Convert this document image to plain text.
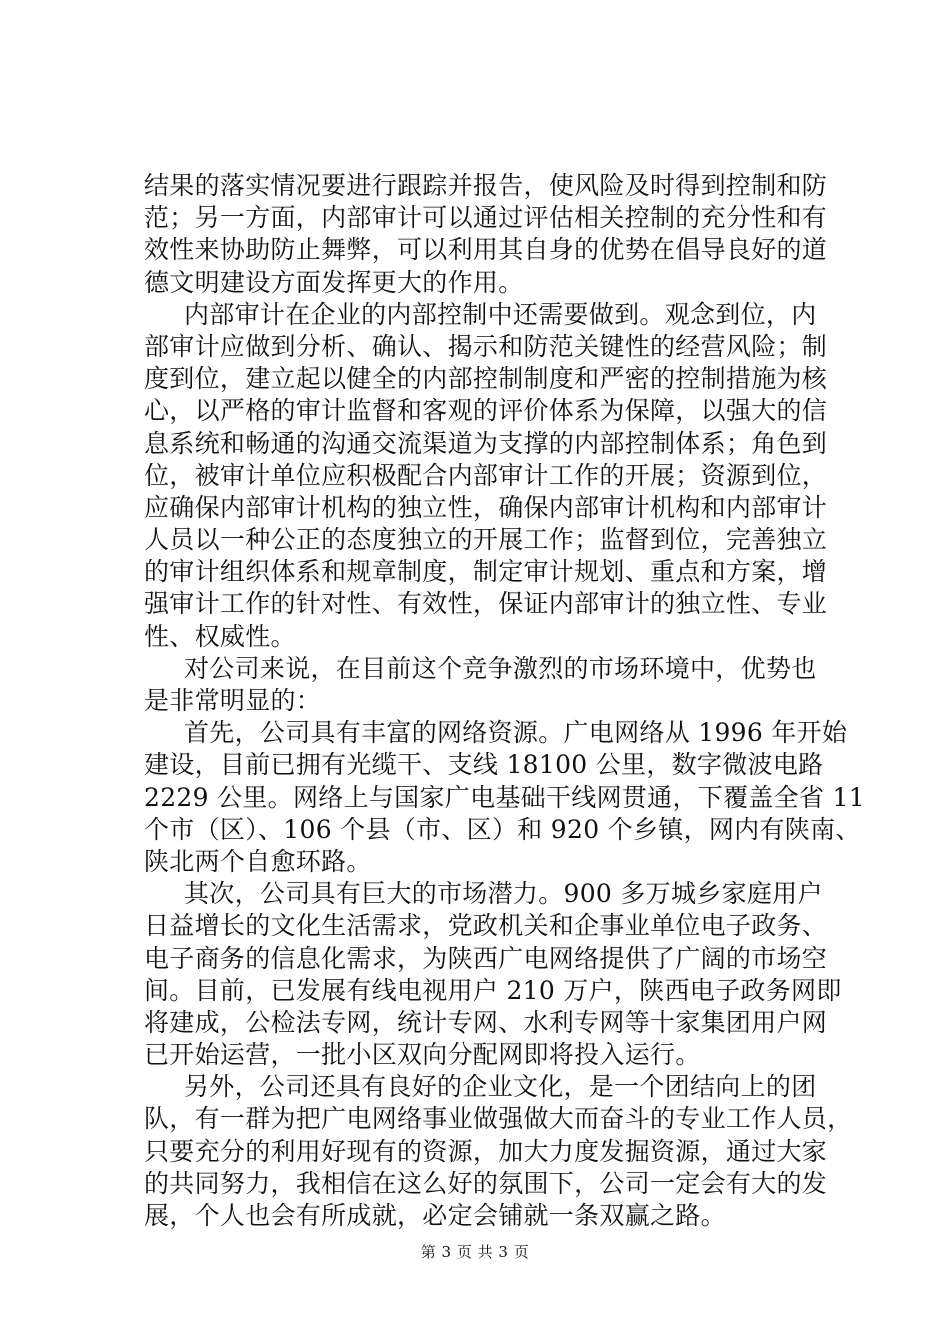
结果的落实情况要进行跟踪并报告，使风险及时得到控制和防
范；另一方面，内部审计可以通过评估相关控制的充分性和有
效性来协助防止舞弊，可以利用其自身的优势在倡导良好的道
德文明建设方面发挥更大的作用。
内部审计在企业的内部控制中还需要做到。观念到位，内
部审计应做到分析、确认、揭示和防范关键性的经营风险；制
度到位，建立起以健全的内部控制制度和严密的控制措施为核
心，以严格的审计监督和客观的评价体系为保障，以强大的信
息系统和畅通的沟通交流渠道为支撑的内部控制体系；角色到
位，被审计单位应积极配合内部审计工作的开展；资源到位，
应确保内部审计机构的独立性，确保内部审计机构和内部审计
人员以一种公正的态度独立的开展工作；监督到位，完善独立
的审计组织体系和规章制度，制定审计规划、重点和方案，增
强审计工作的针对性、有效性，保证内部审计的独立性、专业
性、权威性。
对公司来说，在目前这个竞争激烈的市场环境中，优势也
是非常明显的：
首先，公司具有丰富的网络资源。广电网络从 1996 年开始
建设，目前已拥有光缆干、支线 18100 公里，数字微波电路
2229 公里。网络上与国家广电基础干线网贯通，下覆盖全省 11
个市（区）、106 个县（市、区）和 920 个乡镇，网内有陕南、
陕北两个自愈环路。
其次，公司具有巨大的市场潜力。900 多万城乡家庭用户
日益增长的文化生活需求，党政机关和企事业单位电子政务、
电子商务的信息化需求，为陕西广电网络提供了广阔的市场空
间。目前，已发展有线电视用户 210 万户，陕西电子政务网即
将建成，公检法专网，统计专网、水利专网等十家集团用户网
已开始运营，一批小区双向分配网即将投入运行。
另外，公司还具有良好的企业文化，是一个团结向上的团
队，有一群为把广电网络事业做强做大而奋斗的专业工作人员，
只要充分的利用好现有的资源，加大力度发掘资源，通过大家
的共同努力，我相信在这么好的氛围下，公司一定会有大的发
展，个人也会有所成就，必定会铺就一条双赢之路。
第 3 页 共 3 页
